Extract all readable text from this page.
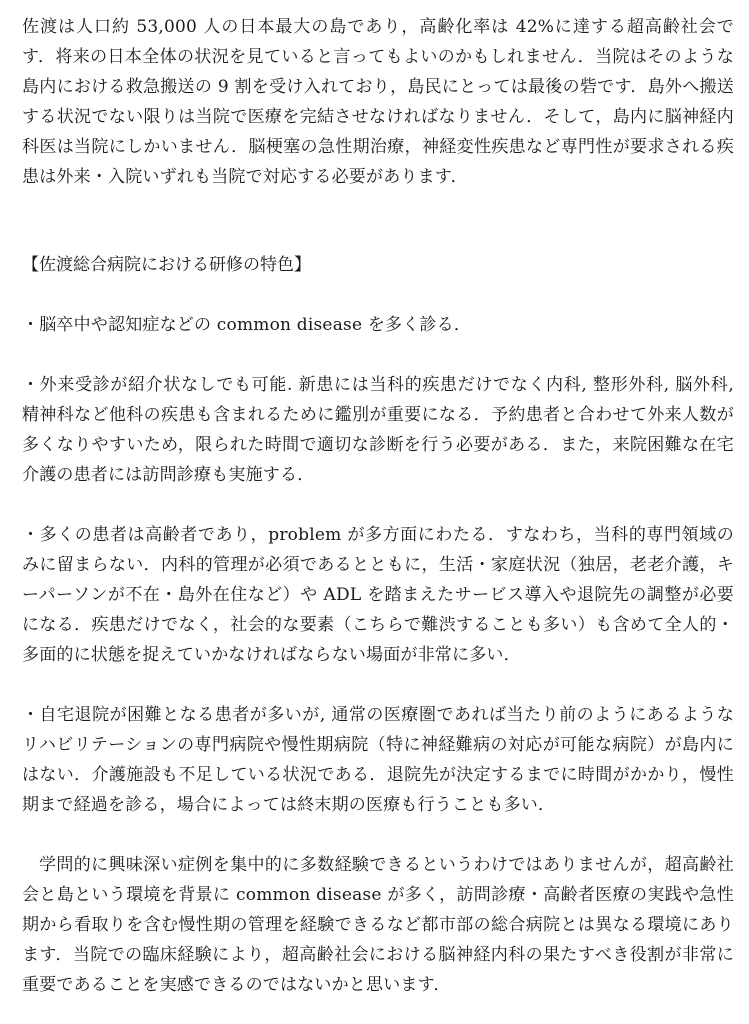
佐渡は人口約 53,000 人の日本最大の島であり，高齢化率は 42%に達する超高齢社会です．将来の日本全体の状況を見ていると言ってもよいのかもしれません．当院はそのような島内における救急搬送の 9 割を受け入れており，島民にとっては最後の砦です．島外へ搬送する状況でない限りは当院で医療を完結させなければなりません．そして，島内に脳神経内科医は当院にしかいません．脳梗塞の急性期治療，神経変性疾患など専門性が要求される疾患は外来・入院いずれも当院で対応する必要があります．

【佐渡総合病院における研修の特色】

・脳卒中や認知症などの common disease を多く診る．

・外来受診が紹介状なしでも可能. 新患には当科的疾患だけでなく内科, 整形外科, 脳外科, 精神科など他科の疾患も含まれるために鑑別が重要になる．予約患者と合わせて外来人数が多くなりやすいため，限られた時間で適切な診断を行う必要がある．また，来院困難な在宅介護の患者には訪問診療も実施する．

・多くの患者は高齢者であり，problem が多方面にわたる．すなわち，当科的専門領域のみに留まらない．内科的管理が必須であるとともに，生活・家庭状況（独居，老老介護，キーパーソンが不在・島外在住など）や ADL を踏まえたサービス導入や退院先の調整が必要になる．疾患だけでなく，社会的な要素（こちらで難渋することも多い）も含めて全人的・多面的に状態を捉えていかなければならない場面が非常に多い．

・自宅退院が困難となる患者が多いが, 通常の医療圏であれば当たり前のようにあるようなリハビリテーションの専門病院や慢性期病院（特に神経難病の対応が可能な病院）が島内にはない．介護施設も不足している状況である．退院先が決定するまでに時間がかかり，慢性期まで経過を診る，場合によっては終末期の医療も行うことも多い．

学問的に興味深い症例を集中的に多数経験できるというわけではありませんが，超高齢社会と島という環境を背景に common disease が多く，訪問診療・高齢者医療の実践や急性期から看取りを含む慢性期の管理を経験できるなど都市部の総合病院とは異なる環境にあります．当院での臨床経験により，超高齢社会における脳神経内科の果たすべき役割が非常に重要であることを実感できるのではないかと思います．
